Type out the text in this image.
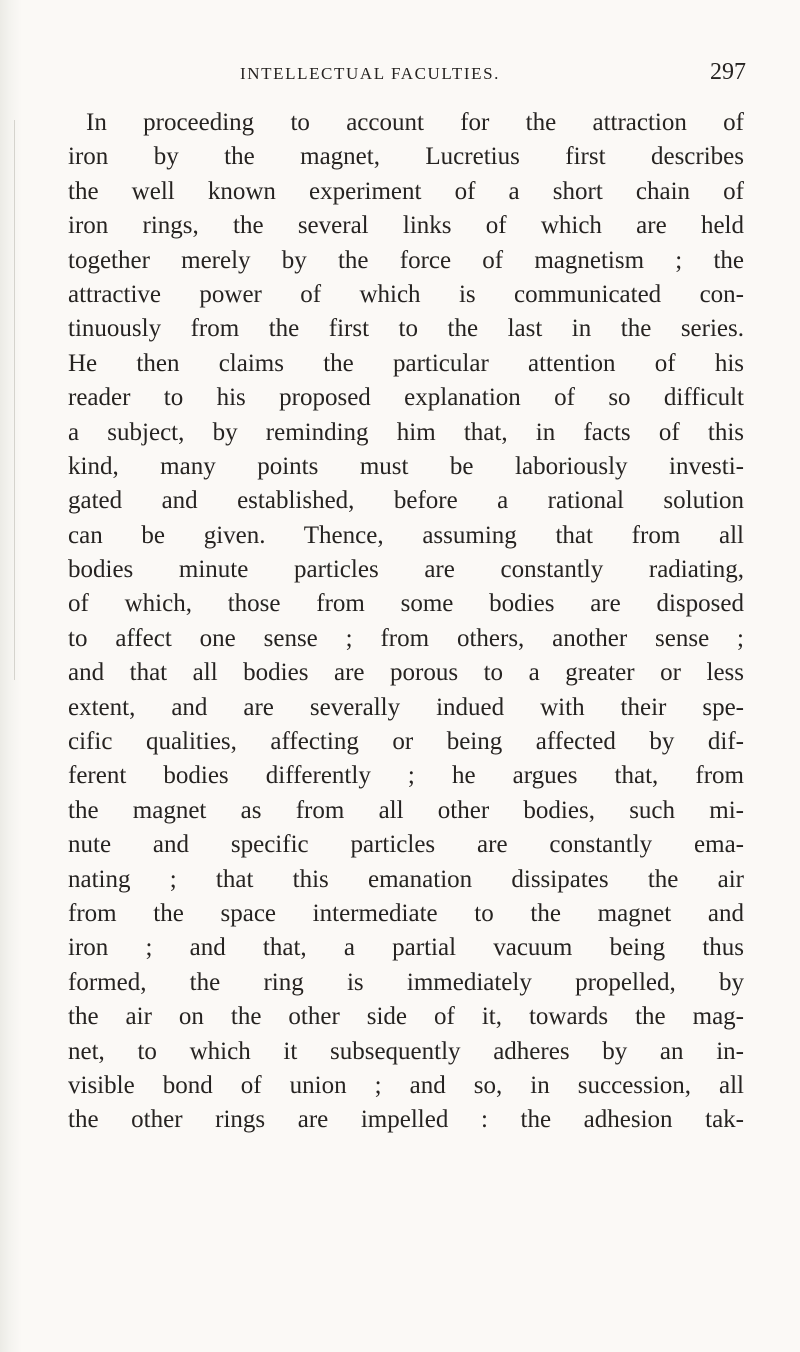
INTELLECTUAL FACULTIES.	297
In proceeding to account for the attraction of
iron by the magnet, Lucretius first describes
the well known experiment of a short chain of
iron rings, the several links of which are held
together merely by the force of magnetism ; the
attractive power of which is communicated con-
tinuously from the first to the last in the series.
He then claims the particular attention of his
reader to his proposed explanation of so difficult
a subject, by reminding him that, in facts of this
kind, many points must be laboriously investi-
gated and established, before a rational solution
can be given. Thence, assuming that from all
bodies minute particles are constantly radiating,
of which, those from some bodies are disposed
to affect one sense ; from others, another sense ;
and that all bodies are porous to a greater or less
extent, and are severally indued with their spe-
cific qualities, affecting or being affected by dif-
ferent bodies differently ; he argues that, from
the magnet as from all other bodies, such mi-
nute and specific particles are constantly ema-
nating ; that this emanation dissipates the air
from the space intermediate to the magnet and
iron ; and that, a partial vacuum being thus
formed, the ring is immediately propelled, by
the air on the other side of it, towards the mag-
net, to which it subsequently adheres by an in-
visible bond of union ; and so, in succession, all
the other rings are impelled : the adhesion tak-
